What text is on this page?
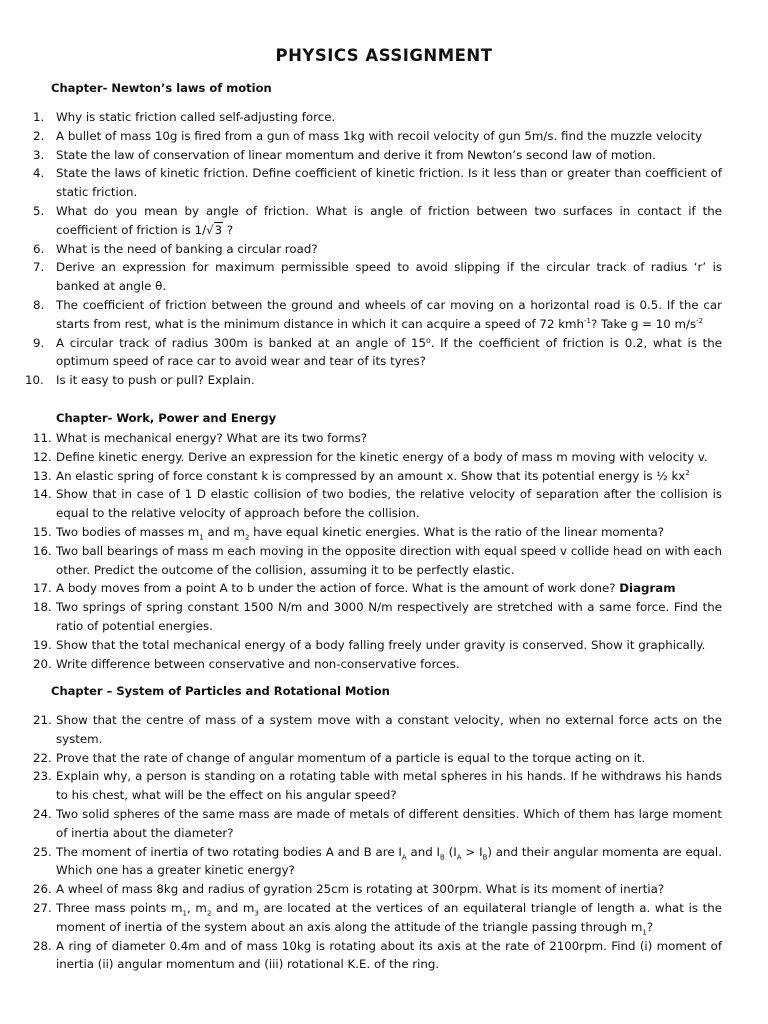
PHYSICS ASSIGNMENT
Chapter- Newton’s laws of motion
1. Why is static friction called self-adjusting force.
2. A bullet of mass 10g is fired from a gun of mass 1kg with recoil velocity of gun 5m/s. find the muzzle velocity
3. State the law of conservation of linear momentum and derive it from Newton’s second law of motion.
4. State the laws of kinetic friction. Define coefficient of kinetic friction. Is it less than or greater than coefficient of static friction.
5. What do you mean by angle of friction. What is angle of friction between two surfaces in contact if the coefficient of friction is 1/√3 ?
6. What is the need of banking a circular road?
7. Derive an expression for maximum permissible speed to avoid slipping if the circular track of radius ‘r’ is banked at angle θ.
8. The coefficient of friction between the ground and wheels of car moving on a horizontal road is 0.5. If the car starts from rest, what is the minimum distance in which it can acquire a speed of 72 kmh$^{-1}$? Take g = 10 $m/s^{-2}$
9. A circular track of radius 300m is banked at an angle of 15⁰. If the coefficient of friction is 0.2, what is the optimum speed of race car to avoid wear and tear of its tyres?
10. Is it easy to push or pull? Explain.
Chapter- Work, Power and Energy
11. What is mechanical energy? What are its two forms?
12. Define kinetic energy. Derive an expression for the kinetic energy of a body of mass m moving with velocity v.
13. An elastic spring of force constant k is compressed by an amount x. Show that its potential energy is ½ $kx^2$
14. Show that in case of 1 D elastic collision of two bodies, the relative velocity of separation after the collision is equal to the relative velocity of approach before the collision.
15. Two bodies of masses $m_1$ and $m_2$ have equal kinetic energies. What is the ratio of the linear momenta?
16. Two ball bearings of mass m each moving in the opposite direction with equal speed v collide head on with each other. Predict the outcome of the collision, assuming it to be perfectly elastic.
17. A body moves from a point A to b under the action of force. What is the amount of work done? Diagram
18. Two springs of spring constant 1500 N/m and 3000 N/m respectively are stretched with a same force. Find the ratio of potential energies.
19. Show that the total mechanical energy of a body falling freely under gravity is conserved. Show it graphically.
20. Write difference between conservative and non-conservative forces.
Chapter – System of Particles and Rotational Motion
21. Show that the centre of mass of a system move with a constant velocity, when no external force acts on the system.
22. Prove that the rate of change of angular momentum of a particle is equal to the torque acting on it.
23. Explain why, a person is standing on a rotating table with metal spheres in his hands. If he withdraws his hands to his chest, what will be the effect on his angular speed?
24. Two solid spheres of the same mass are made of metals of different densities. Which of them has large moment of inertia about the diameter?
25. The moment of inertia of two rotating bodies A and B are $I_A$ and $I_B$ $(I_A > I_B)$ and their angular momenta are equal. Which one has a greater kinetic energy?
26. A wheel of mass 8kg and radius of gyration 25cm is rotating at 300rpm. What is its moment of inertia?
27. Three mass points $m_1$, $m_2$ and $m_3$ are located at the vertices of an equilateral triangle of length a. what is the moment of inertia of the system about an axis along the attitude of the triangle passing through $m_1$?
28. A ring of diameter 0.4m and of mass 10kg is rotating about its axis at the rate of 2100rpm. Find (i) moment of inertia (ii) angular momentum and (iii) rotational K.E. of the ring.
